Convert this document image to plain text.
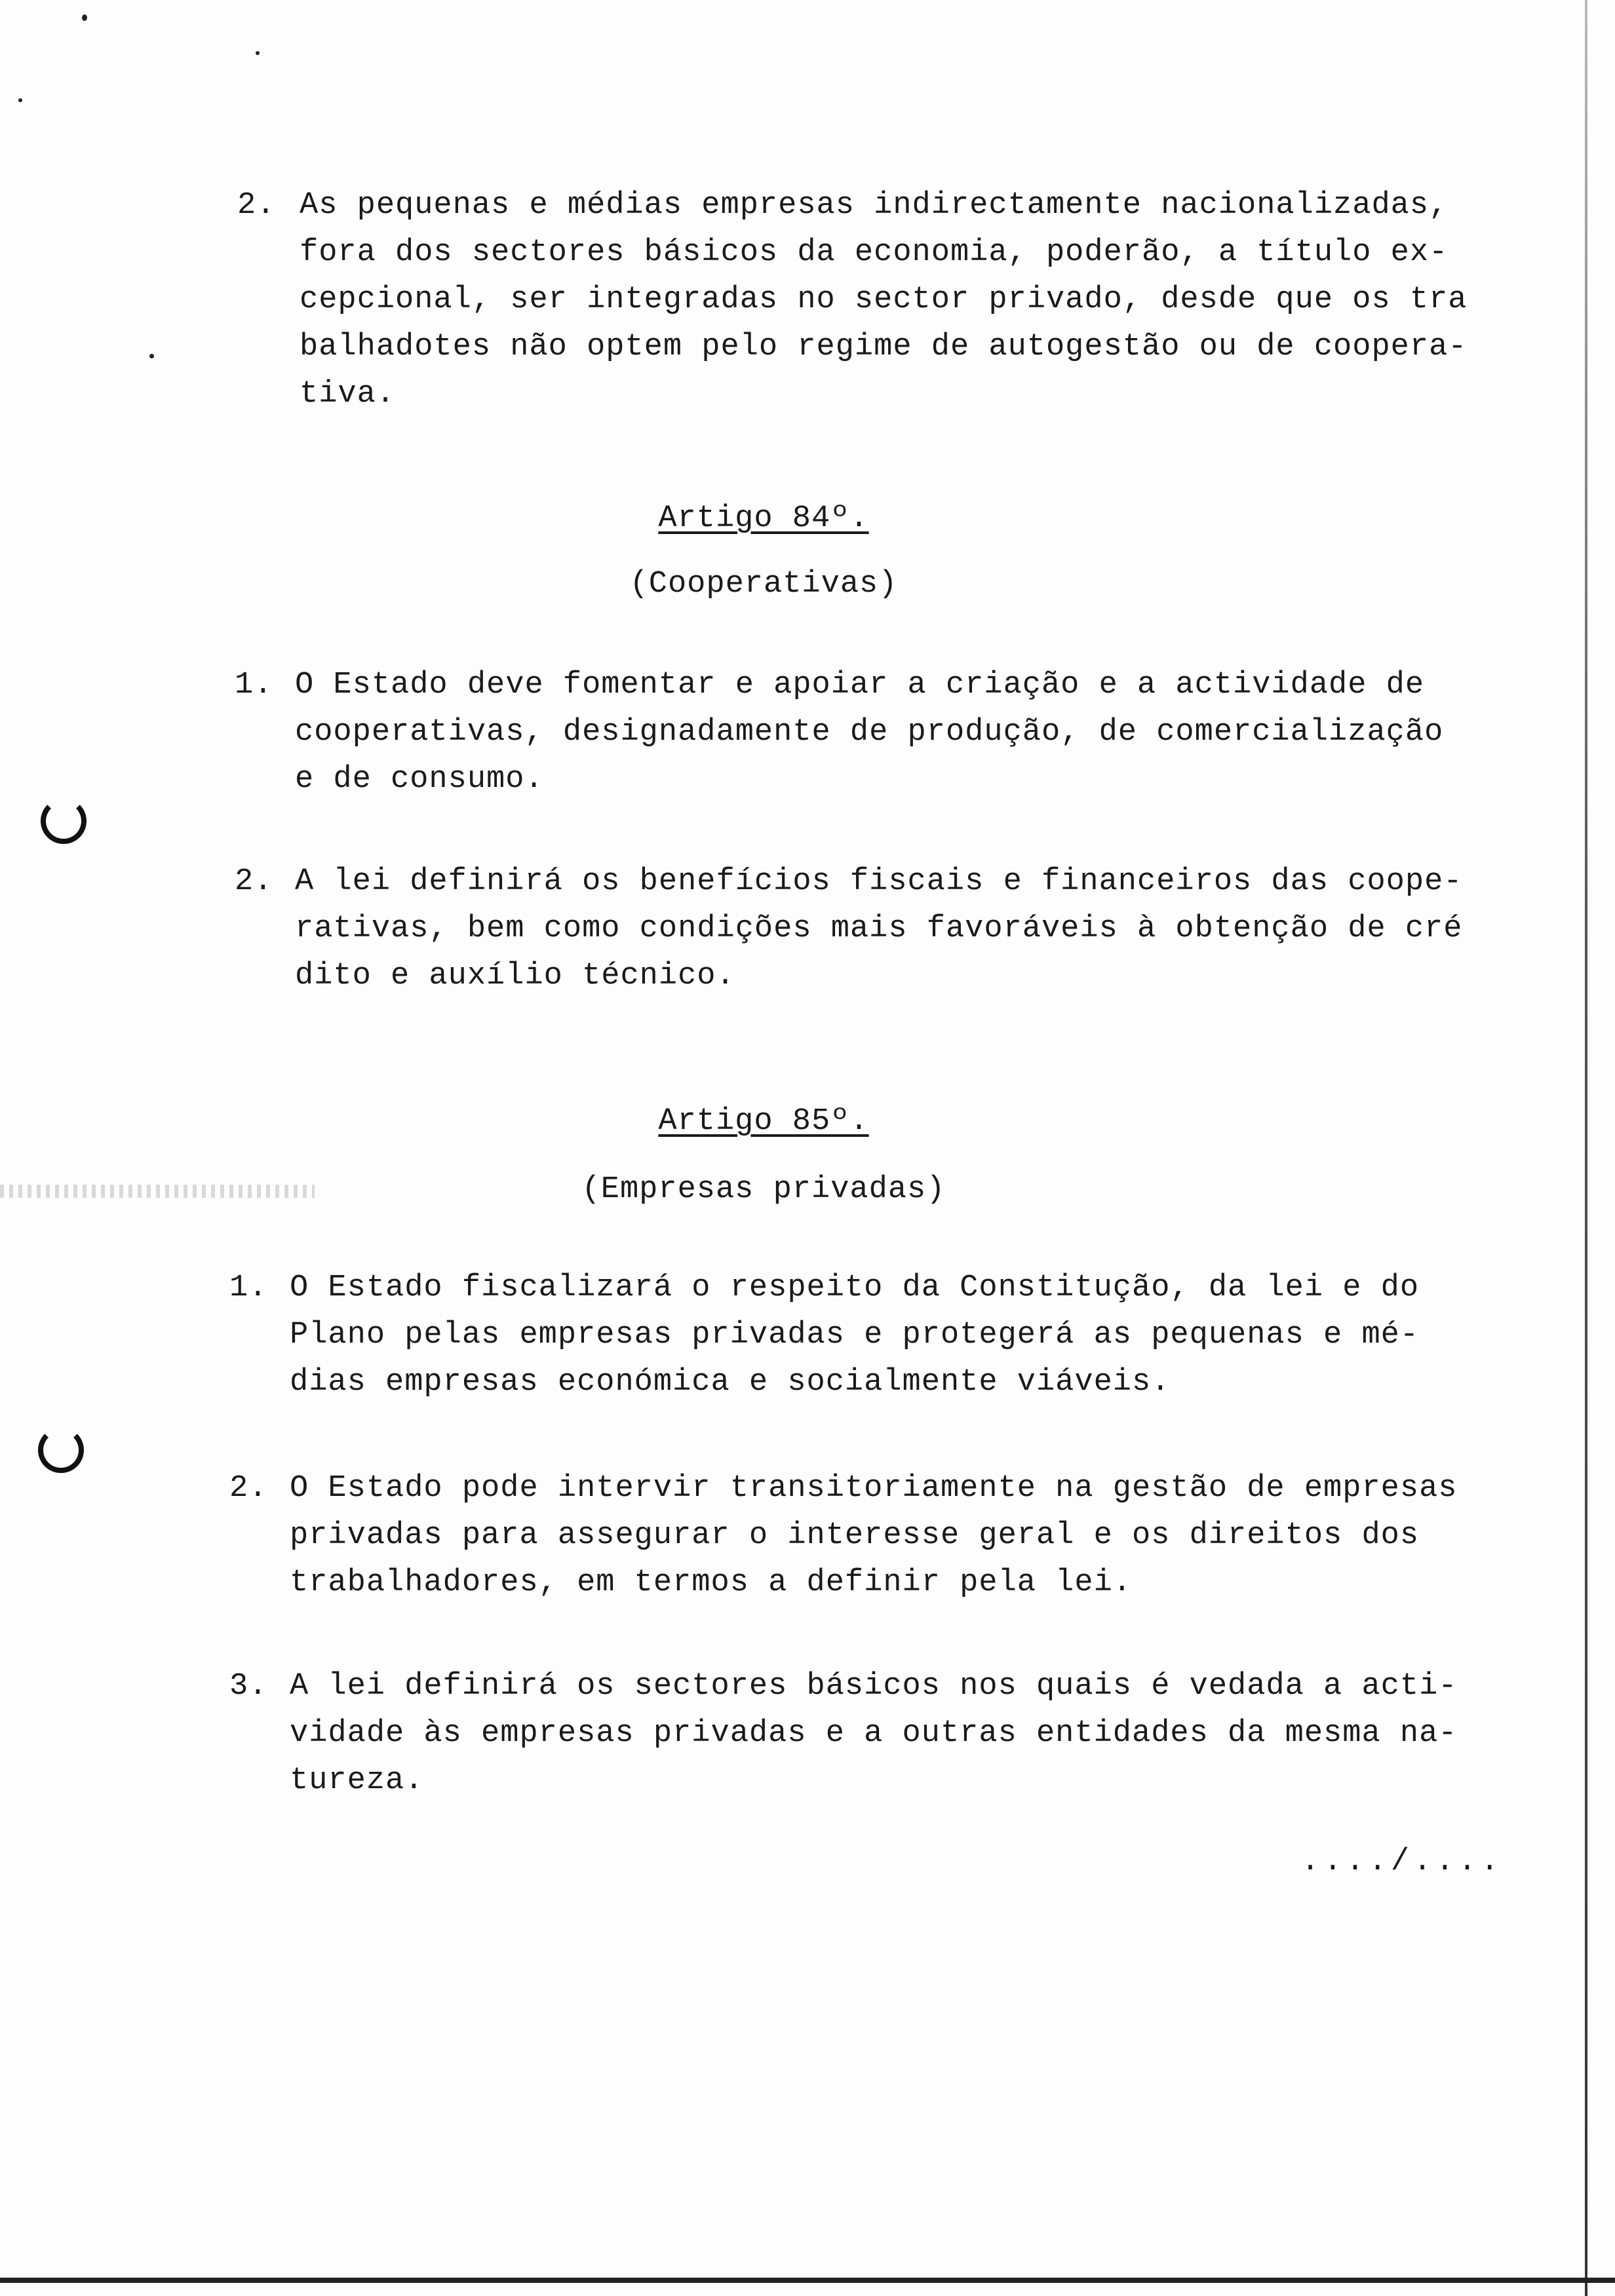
2. As pequenas e médias empresas indirectamente nacionalizadas,
fora dos sectores básicos da economia, poderão, a título ex-
cepcional, ser integradas no sector privado, desde que os tra
balhadotes não optem pelo regime de autogestão ou de coopera-
tiva.
Artigo 84º.
(Cooperativas)
1. O Estado deve fomentar e apoiar a criação e a actividade de
cooperativas, designadamente de produção, de comercialização
e de consumo.
2. A lei definirá os benefícios fiscais e financeiros das coope-
rativas, bem como condições mais favoráveis à obtenção de cré
dito e auxílio técnico.
Artigo 85º.
(Empresas privadas)
1. O Estado fiscalizará o respeito da Constitução, da lei e do
Plano pelas empresas privadas e protegerá as pequenas e mé-
dias empresas económica e socialmente viáveis.
2. O Estado pode intervir transitoriamente na gestão de empresas
privadas para assegurar o interesse geral e os direitos dos
trabalhadores, em termos a definir pela lei.
3. A lei definirá os sectores básicos nos quais é vedada a acti-
vidade às empresas privadas e a outras entidades da mesma na-
tureza.
..../....
